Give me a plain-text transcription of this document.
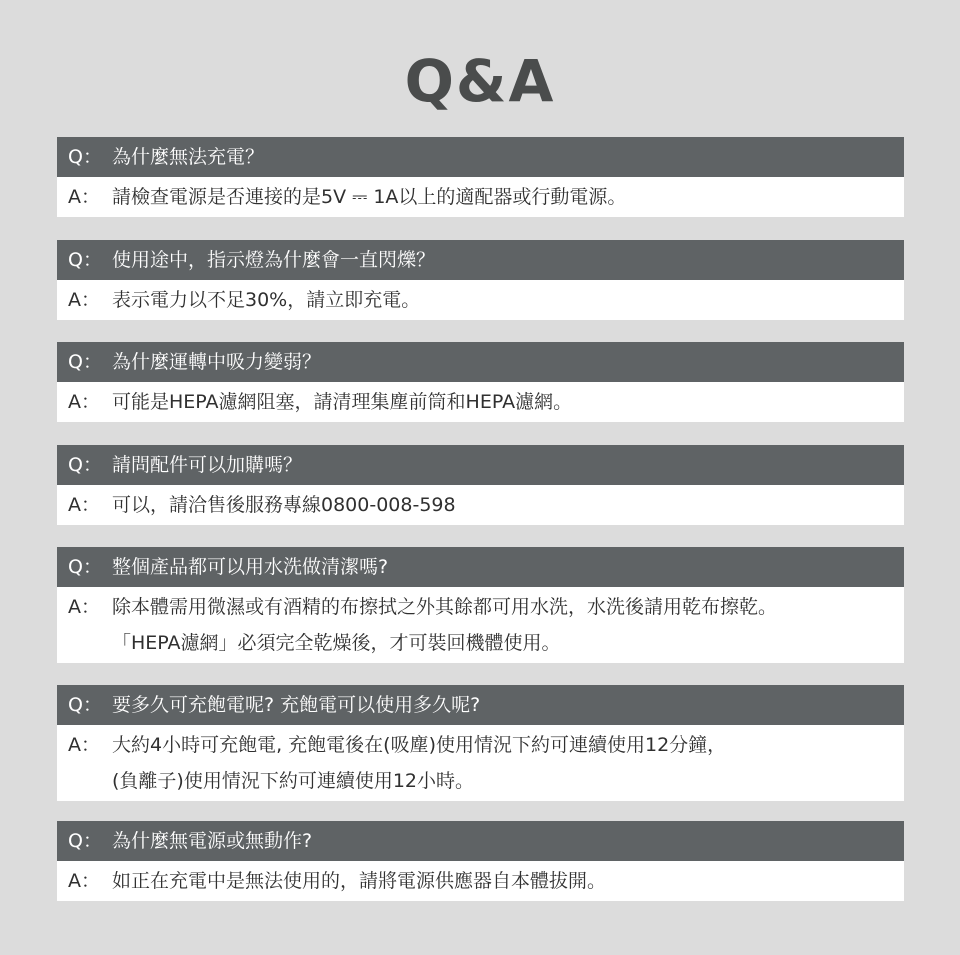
Q&A
Q： 為什麼無法充電？
A： 請檢查電源是否連接的是5V ⎓ 1A以上的適配器或行動電源。
Q： 使用途中，指示燈為什麼會一直閃爍？
A： 表示電力以不足30%，請立即充電。
Q： 為什麼運轉中吸力變弱？
A： 可能是HEPA濾網阻塞，請清理集塵前筒和HEPA濾網。
Q： 請問配件可以加購嗎？
A： 可以，請洽售後服務專線0800-008-598
Q： 整個產品都可以用水洗做清潔嗎?
A： 除本體需用微濕或有酒精的布擦拭之外其餘都可用水洗，水洗後請用乾布擦乾。
「HEPA濾網」必須完全乾燥後，才可裝回機體使用。
Q： 要多久可充飽電呢? 充飽電可以使用多久呢?
A： 大約4小時可充飽電, 充飽電後在(吸塵)使用情況下約可連續使用12分鐘，
(負離子)使用情況下約可連續使用12小時。
Q： 為什麼無電源或無動作?
A： 如正在充電中是無法使用的，請將電源供應器自本體拔開。
